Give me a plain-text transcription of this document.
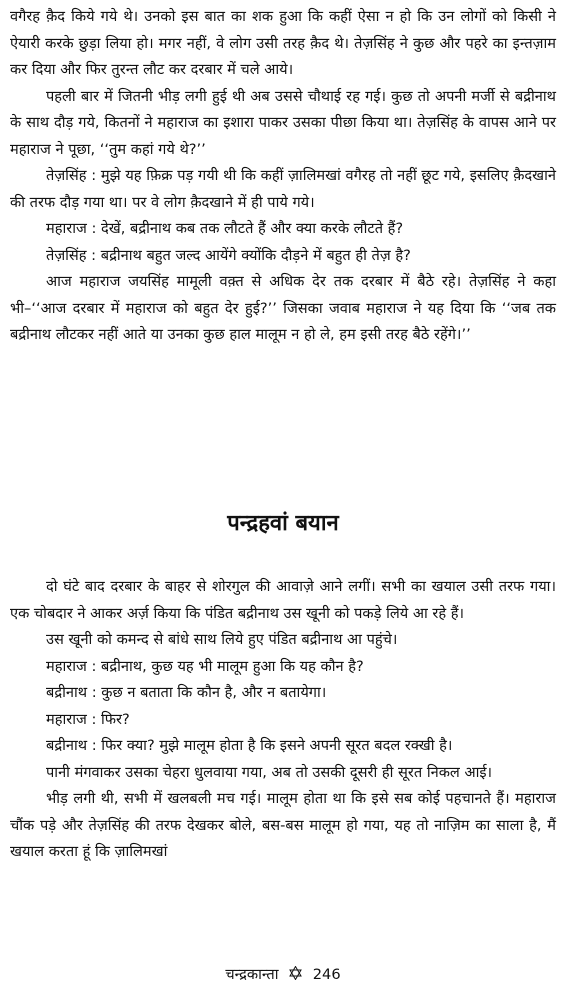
वगैरह क़ैद किये गये थे। उनको इस बात का शक हुआ कि कहीं ऐसा न हो कि उन लोगों को किसी ने ऐयारी करके छुड़ा लिया हो। मगर नहीं, वे लोग उसी तरह क़ैद थे। तेज़सिंह ने कुछ और पहरे का इन्तज़ाम कर दिया और फिर तुरन्त लौट कर दरबार में चले आये।

पहली बार में जितनी भीड़ लगी हुई थी अब उससे चौथाई रह गई। कुछ तो अपनी मर्जी से बद्रीनाथ के साथ दौड़ गये, कितनों ने महाराज का इशारा पाकर उसका पीछा किया था। तेज़सिंह के वापस आने पर महाराज ने पूछा, ‘‘तुम कहां गये थे?’’

तेज़सिंह : मुझे यह फ़िक्र पड़ गयी थी कि कहीं ज़ालिमखां वगैरह तो नहीं छूट गये, इसलिए क़ैदखाने की तरफ दौड़ गया था। पर वे लोग क़ैदखाने में ही पाये गये।

महाराज : देखें, बद्रीनाथ कब तक लौटते हैं और क्या करके लौटते हैं?

तेज़सिंह : बद्रीनाथ बहुत जल्द आयेंगे क्योंकि दौड़ने में बहुत ही तेज़ है?

आज महाराज जयसिंह मामूली वक़्त से अधिक देर तक दरबार में बैठे रहे। तेज़सिंह ने कहा भी–‘‘आज दरबार में महाराज को बहुत देर हुई?’’ जिसका जवाब महाराज ने यह दिया कि ‘‘जब तक बद्रीनाथ लौटकर नहीं आते या उनका कुछ हाल मालूम न हो ले, हम इसी तरह बैठे रहेंगे।’’

पन्द्रहवां बयान

दो घंटे बाद दरबार के बाहर से शोरगुल की आवाज़े आने लगीं। सभी का खयाल उसी तरफ गया। एक चोबदार ने आकर अर्ज़ किया कि पंडित बद्रीनाथ उस खूनी को पकड़े लिये आ रहे हैं।

उस खूनी को कमन्द से बांधे साथ लिये हुए पंडित बद्रीनाथ आ पहुंचे।

महाराज : बद्रीनाथ, कुछ यह भी मालूम हुआ कि यह कौन है?

बद्रीनाथ : कुछ न बताता कि कौन है, और न बतायेगा।

महाराज : फिर?

बद्रीनाथ : फिर क्या? मुझे मालूम होता है कि इसने अपनी सूरत बदल रक्खी है।

पानी मंगवाकर उसका चेहरा धुलवाया गया, अब तो उसकी दूसरी ही सूरत निकल आई।

भीड़ लगी थी, सभी में खलबली मच गई। मालूम होता था कि इसे सब कोई पहचानते हैं। महाराज चौंक पड़े और तेज़सिंह की तरफ देखकर बोले, बस-बस मालूम हो गया, यह तो नाज़िम का साला है, मैं खयाल करता हूं कि ज़ालिमखां

चन्द्रकान्ता 246
